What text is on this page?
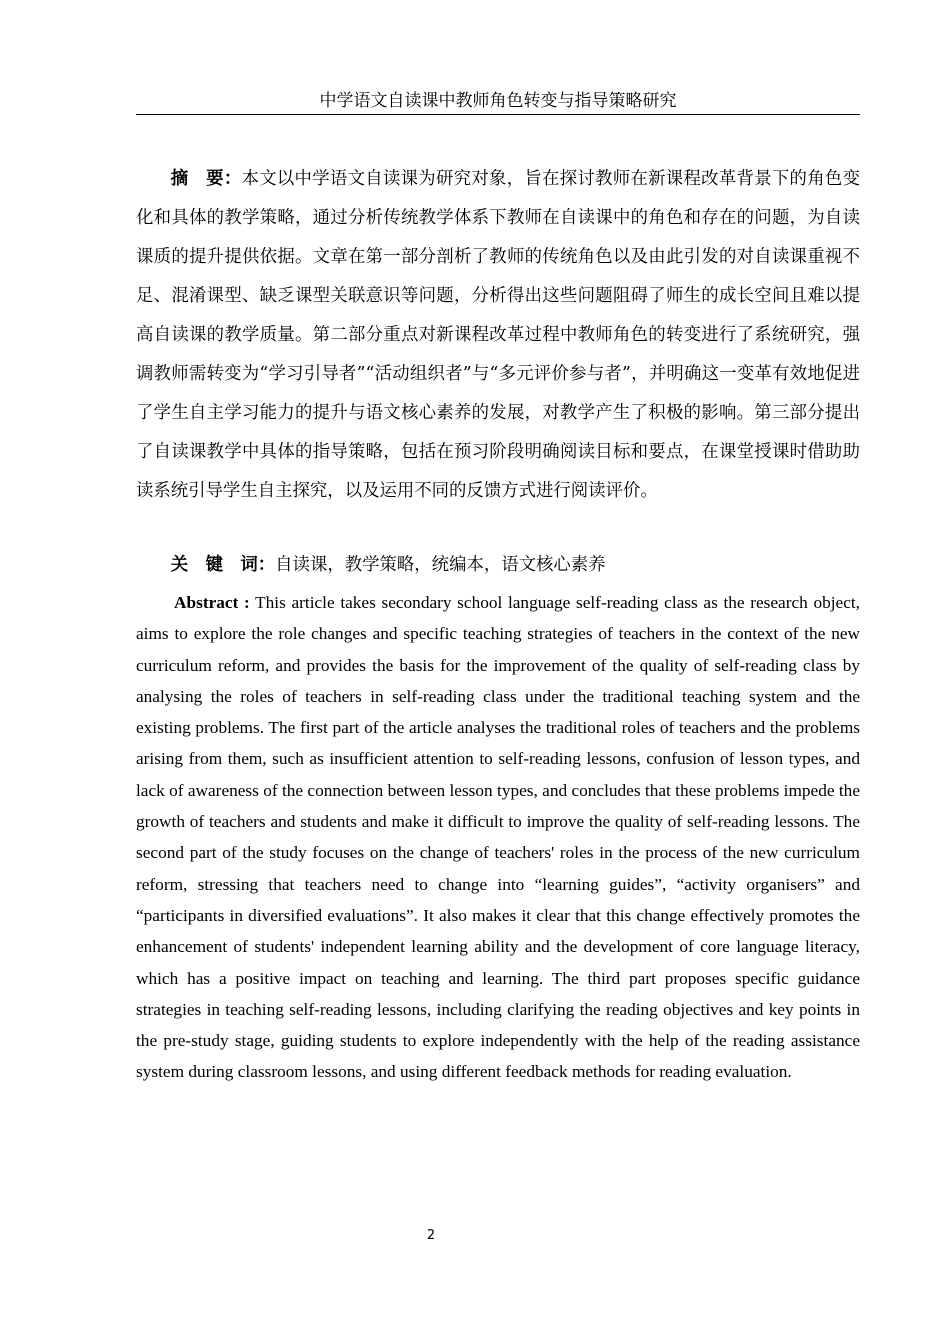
中学语文自读课中教师角色转变与指导策略研究

摘　要：本文以中学语文自读课为研究对象，旨在探讨教师在新课程改革背景下的角色变化和具体的教学策略，通过分析传统教学体系下教师在自读课中的角色和存在的问题，为自读课质的提升提供依据。文章在第一部分剖析了教师的传统角色以及由此引发的对自读课重视不足、混淆课型、缺乏课型关联意识等问题，分析得出这些问题阻碍了师生的成长空间且难以提高自读课的教学质量。第二部分重点对新课程改革过程中教师角色的转变进行了系统研究，强调教师需转变为“学习引导者”“活动组织者”与“多元评价参与者”，并明确这一变革有效地促进了学生自主学习能力的提升与语文核心素养的发展，对教学产生了积极的影响。第三部分提出了自读课教学中具体的指导策略，包括在预习阶段明确阅读目标和要点，在课堂授课时借助助读系统引导学生自主探究，以及运用不同的反馈方式进行阅读评价。

关　键　词：自读课，教学策略，统编本，语文核心素养

Abstract : This article takes secondary school language self-reading class as the research object, aims to explore the role changes and specific teaching strategies of teachers in the context of the new curriculum reform, and provides the basis for the improvement of the quality of self-reading class by analysing the roles of teachers in self-reading class under the traditional teaching system and the existing problems. The first part of the article analyses the traditional roles of teachers and the problems arising from them, such as insufficient attention to self-reading lessons, confusion of lesson types, and lack of awareness of the connection between lesson types, and concludes that these problems impede the growth of teachers and students and make it difficult to improve the quality of self-reading lessons. The second part of the study focuses on the change of teachers' roles in the process of the new curriculum reform, stressing that teachers need to change into “learning guides”, “activity organisers” and “participants in diversified evaluations”. It also makes it clear that this change effectively promotes the enhancement of students' independent learning ability and the development of core language literacy, which has a positive impact on teaching and learning. The third part proposes specific guidance strategies in teaching self-reading lessons, including clarifying the reading objectives and key points in the pre-study stage, guiding students to explore independently with the help of the reading assistance system during classroom lessons, and using different feedback methods for reading evaluation.

2
